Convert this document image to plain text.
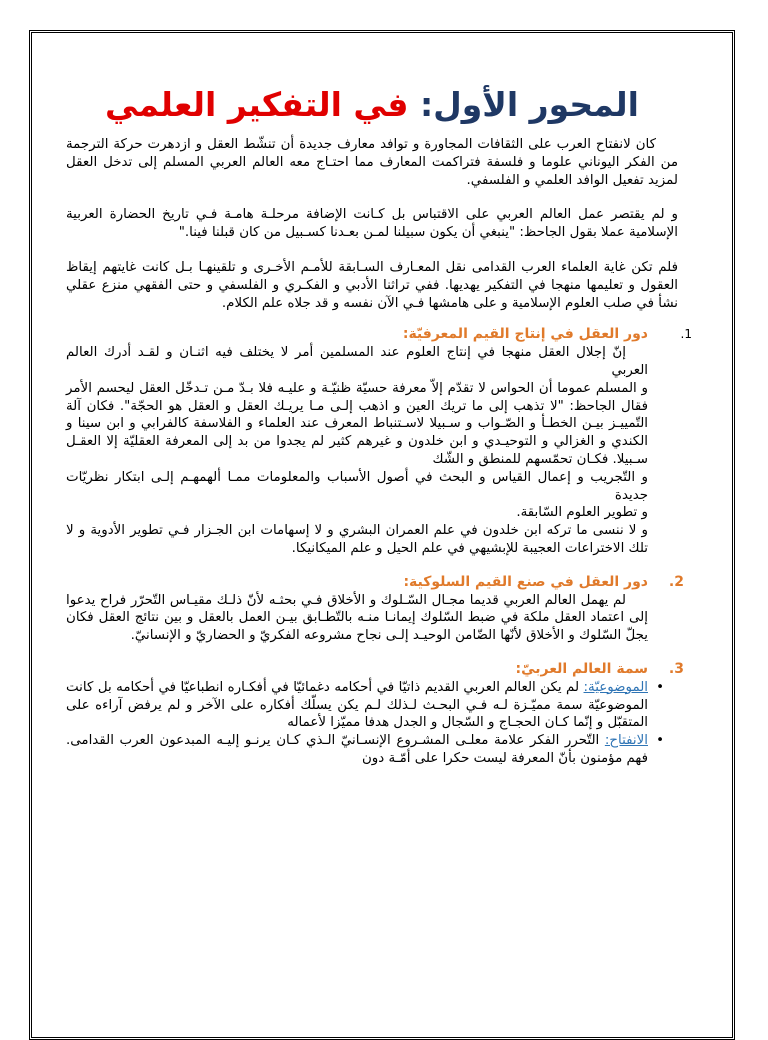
المحور الأول: في التفكير العلمي

كان لانفتاح العرب على الثقافات المجاورة و توافد معارف جديدة أن تنشّط العقل و ازدهرت حركة الترجمة من الفكر اليوناني علوما و فلسفة فتراكمت المعارف مما احتـاج معه العالم العربي المسلم إلى تدخل العقل لمزيد تفعيل الوافد العلمي و الفلسفي.

و لم يقتصر عمل العالم العربي على الاقتباس بل كـانت الإضافة مرحلـة هامـة فـي تاريخ الحضارة العربية الإسلامية عملا بقول الجاحظ: "ينبغي أن يكون سبيلنا لمـن بعـدنا كسـبيل من كان قبلنا فينا."

فلم تكن غاية العلماء العرب القدامى نقل المعـارف السـابقة للأمـم الأخـرى و تلقينهـا بـل كانت غايتهم إيقاظ العقول و تعليمها منهجا في التفكير يهديها. ففي تراثنا الأدبي و الفكـري و الفلسفي و حتى الفقهي منزع عقلي نشأ في صلب العلوم الإسلامية و على هامشها فـي الآن نفسه و قد جلاه علم الكلام.

1.
دور العقل في إنتاج القيم المعرفيّة:

إنّ إجلال العقل منهجا في إنتاج العلوم عند المسلمين أمر لا يختلف فيه اثنـان و لقـد أدرك العالم العربي

و المسلم عموما أن الحواس لا تقدّم إلاّ معرفة حسيّة ظنيّـة و عليـه فلا بـدّ مـن تـدخّل العقل ليحسم الأمر فقال الجاحظ: "لا تذهب إلى ما تريك العين و اذهب إلـى مـا يريـك العقل و العقل هو الحجّة". فكان آلة التّمييـز بيـن الخطـأ و الصّـواب و سـبيلا لاسـتنباط المعرف عند العلماء و الفلاسفة كالفرابي و ابن سينا و الكندي و الغزالي و التوحيـدي و ابن خلدون و غيرهم كثير لم يجدوا من بد إلى المعرفة العقليّة إلا العقـل سـبيلا. فكـان تحمّسهم للمنطق و الشّك

و التّجريب و إعمال القياس و البحث في أصول الأسباب والمعلومات ممـا ألهمهـم إلـى ابتكار نظريّات جديدة

و تطوير العلوم السّابقة.

و لا ننسى ما تركه ابن خلدون في علم العمران البشري و لا إسهامات ابن الجـزار فـي تطوير الأدوية و لا تلك الاختراعات العجيبة للإبشيهي في علم الحيل و علم الميكانيكا.

2.
دور العقل في صنع القيم السلوكية:

لم يهمل العالم العربي قديما مجـال السّـلوك و الأخلاق فـي بحثـه لأنّ ذلـك مقيـاس التّحرّر فراح يدعوا إلى اعتماد العقل ملكة في ضبط السّلوك إيمانـا منـه بالتّطـابق بيـن العمل بالعقل و بين نتائج العقل فكان يجلّ السّلوك و الأخلاق لأنّها الضّامن الوحيـد إلـى نجاح مشروعه الفكريّ و الحضاريّ و الإنسانيّ.

3.
سمة العالم العربيّ:
•
الموضوعيّة: لم يكن العالم العربي القديم ذاتيّا في أحكامه دغمائيّا في أفكـاره انطباعيّا في أحكامه بل كانت الموضوعيّة سمة مميّـزة لـه فـي البحـث لـذلك لـم يكن يسلّك أفكاره على الآخر و لم يرفض آراءه على المتقبّل و إنّما كـان الحجـاج و السّجال و الجدل هدفا مميّزا لأعماله
•
الانفتاح: التّحرر الفكر علامة معلـى المشـروع الإنسـانيّ الـذي كـان يرنـو إليـه المبدعون العرب القدامى. فهم مؤمنون بأنّ المعرفة ليست حكرا على أمّـة دون
